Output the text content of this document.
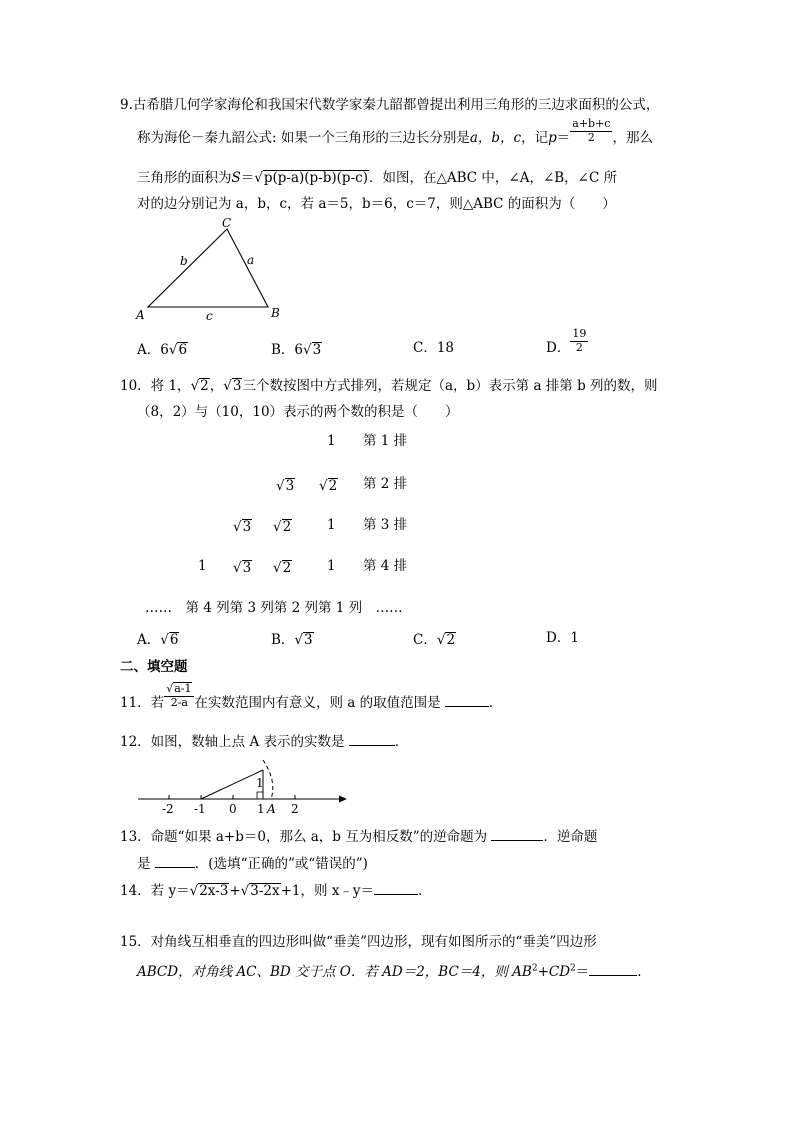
9.古希腊几何学家海伦和我国宋代数学家秦九韶都曾提出利用三角形的三边求面积的公式，
称为海伦－秦九韶公式: 如果一个三角形的三边长分别是a，b，c，记$p= \frac{a+b+c}{2}$ ，那么
三角形的面积为S＝√p(p-a)(p-b)(p-c)．如图，在△ABC 中，∠A，∠B，∠C 所
对的边分别记为 a，b，c，若 a＝5，b＝6，c＝7，则△ABC 的面积为（　　）
C
A	B
b	a
c
A．6√6	B．6√3	C．18	D． $\frac{19}{2}$
10．将 1，√2，√3三个数按图中方式排列，若规定（a，b）表示第 a 排第 b 列的数，则
（8，2）与（10，10）表示的两个数的积是（　　）
1 第 1 排
√3 √2 第 2 排
√3 √2	1 第 3 排
1 √3 √2	1 第 4 排
……　第 4 列第 3 列第 2 列第 1 列　……
A．√6	B．√3	C．√2	D．1
二、填空题
11．若 $\frac{√a-1}{2-a}$ 在实数范围内有意义，则 a 的取值范围是	．
12．如图，数轴上点 A 表示的实数是	．
-2 -1 0 1 A 2
1
13．命题“如果 a+b＝0，那么 a，b 互为相反数”的逆命题为	．逆命题
是	．(选填“正确的”或“错误的”)
14．若 y＝√2x-3+√3-2x+1，则 x﹣y＝	．
15．对角线互相垂直的四边形叫做“垂美”四边形，现有如图所示的“垂美”四边形
ABCD，对角线 AC、BD 交于点 O．若 AD＝2，BC＝4，则 $AB^2+CD^2=$	．
